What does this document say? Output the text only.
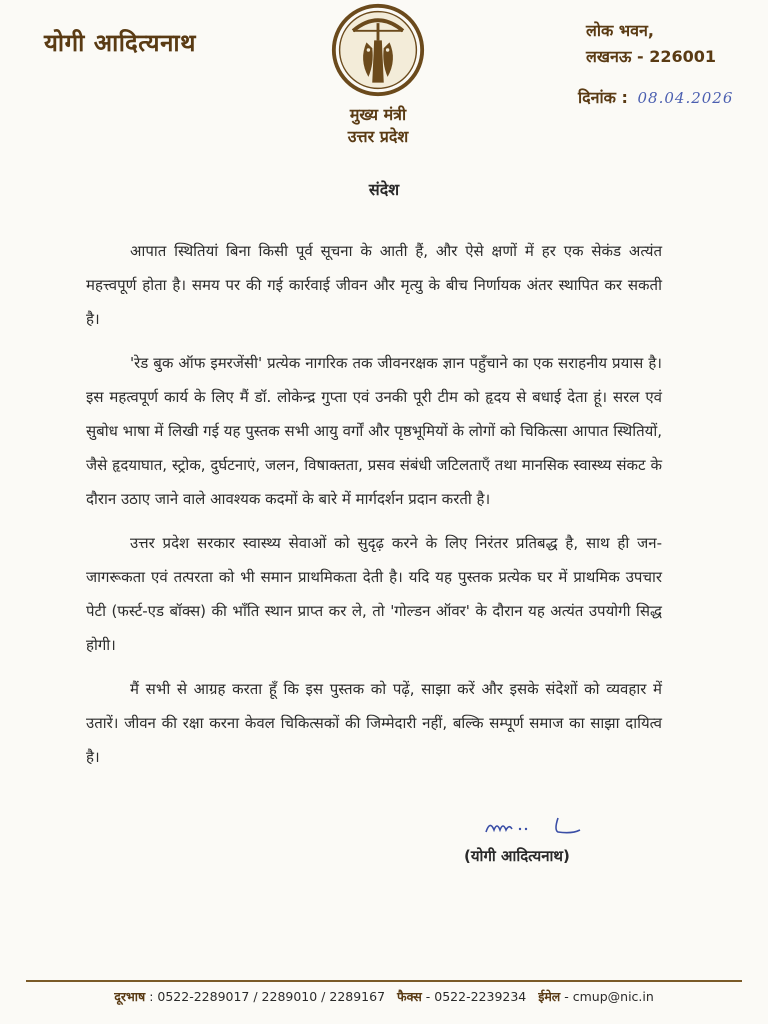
योगी आदित्यनाथ
मुख्य मंत्री
उत्तर प्रदेश
लोक भवन,
लखनऊ - 226001
दिनांक : 08.04.2026
संदेश

आपात स्थितियां बिना किसी पूर्व सूचना के आती हैं, और ऐसे क्षणों में हर एक सेकंड अत्यंत महत्त्वपूर्ण होता है। समय पर की गई कार्रवाई जीवन और मृत्यु के बीच निर्णायक अंतर स्थापित कर सकती है।

'रेड बुक ऑफ इमरजेंसी' प्रत्येक नागरिक तक जीवनरक्षक ज्ञान पहुँचाने का एक सराहनीय प्रयास है। इस महत्वपूर्ण कार्य के लिए मैं डॉ. लोकेन्द्र गुप्ता एवं उनकी पूरी टीम को हृदय से बधाई देता हूं। सरल एवं सुबोध भाषा में लिखी गई यह पुस्तक सभी आयु वर्गों और पृष्ठभूमियों के लोगों को चिकित्सा आपात स्थितियों, जैसे हृदयाघात, स्ट्रोक, दुर्घटनाएं, जलन, विषाक्तता, प्रसव संबंधी जटिलताएँ तथा मानसिक स्वास्थ्य संकट के दौरान उठाए जाने वाले आवश्यक कदमों के बारे में मार्गदर्शन प्रदान करती है।

उत्तर प्रदेश सरकार स्वास्थ्य सेवाओं को सुदृढ़ करने के लिए निरंतर प्रतिबद्ध है, साथ ही जन-जागरूकता एवं तत्परता को भी समान प्राथमिकता देती है। यदि यह पुस्तक प्रत्येक घर में प्राथमिक उपचार पेटी (फर्स्ट-एड बॉक्स) की भाँति स्थान प्राप्त कर ले, तो 'गोल्डन ऑवर' के दौरान यह अत्यंत उपयोगी सिद्ध होगी।

मैं सभी से आग्रह करता हूँ कि इस पुस्तक को पढ़ें, साझा करें और इसके संदेशों को व्यवहार में उतारें। जीवन की रक्षा करना केवल चिकित्सकों की जिम्मेदारी नहीं, बल्कि सम्पूर्ण समाज का साझा दायित्व है।

(योगी आदित्यनाथ)
दूरभाष : 0522-2289017 / 2289010 / 2289167 फैक्स - 0522-2239234 ईमेल - cmup@nic.in
